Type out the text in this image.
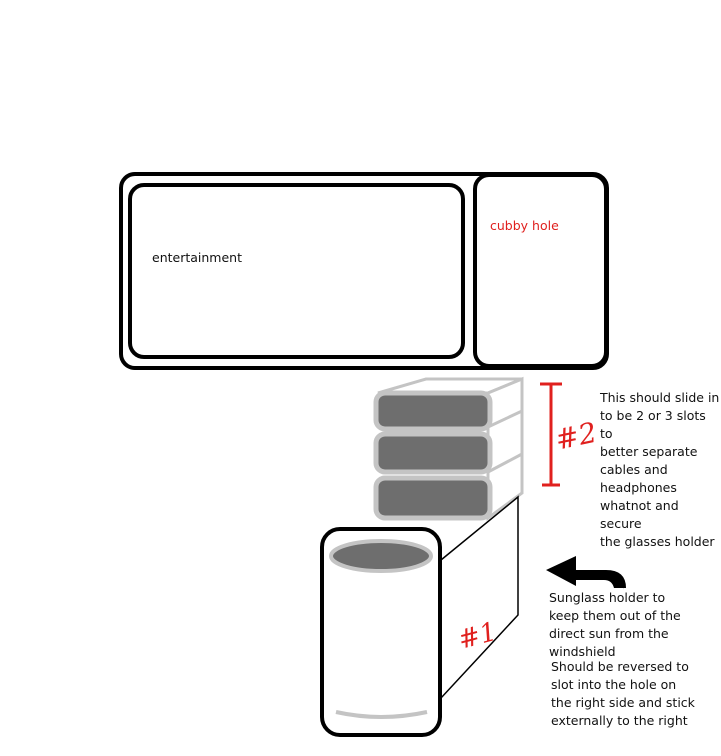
entertainment
cubby hole
#2
#1

This should slide in
to be 2 or 3 slots to
better separate
cables and
headphones
whatnot and secure
the glasses holder

Sunglass holder to
keep them out of the
direct sun from the
windshield

Should be reversed to
slot into the hole on
the right side and stick
externally to the right
